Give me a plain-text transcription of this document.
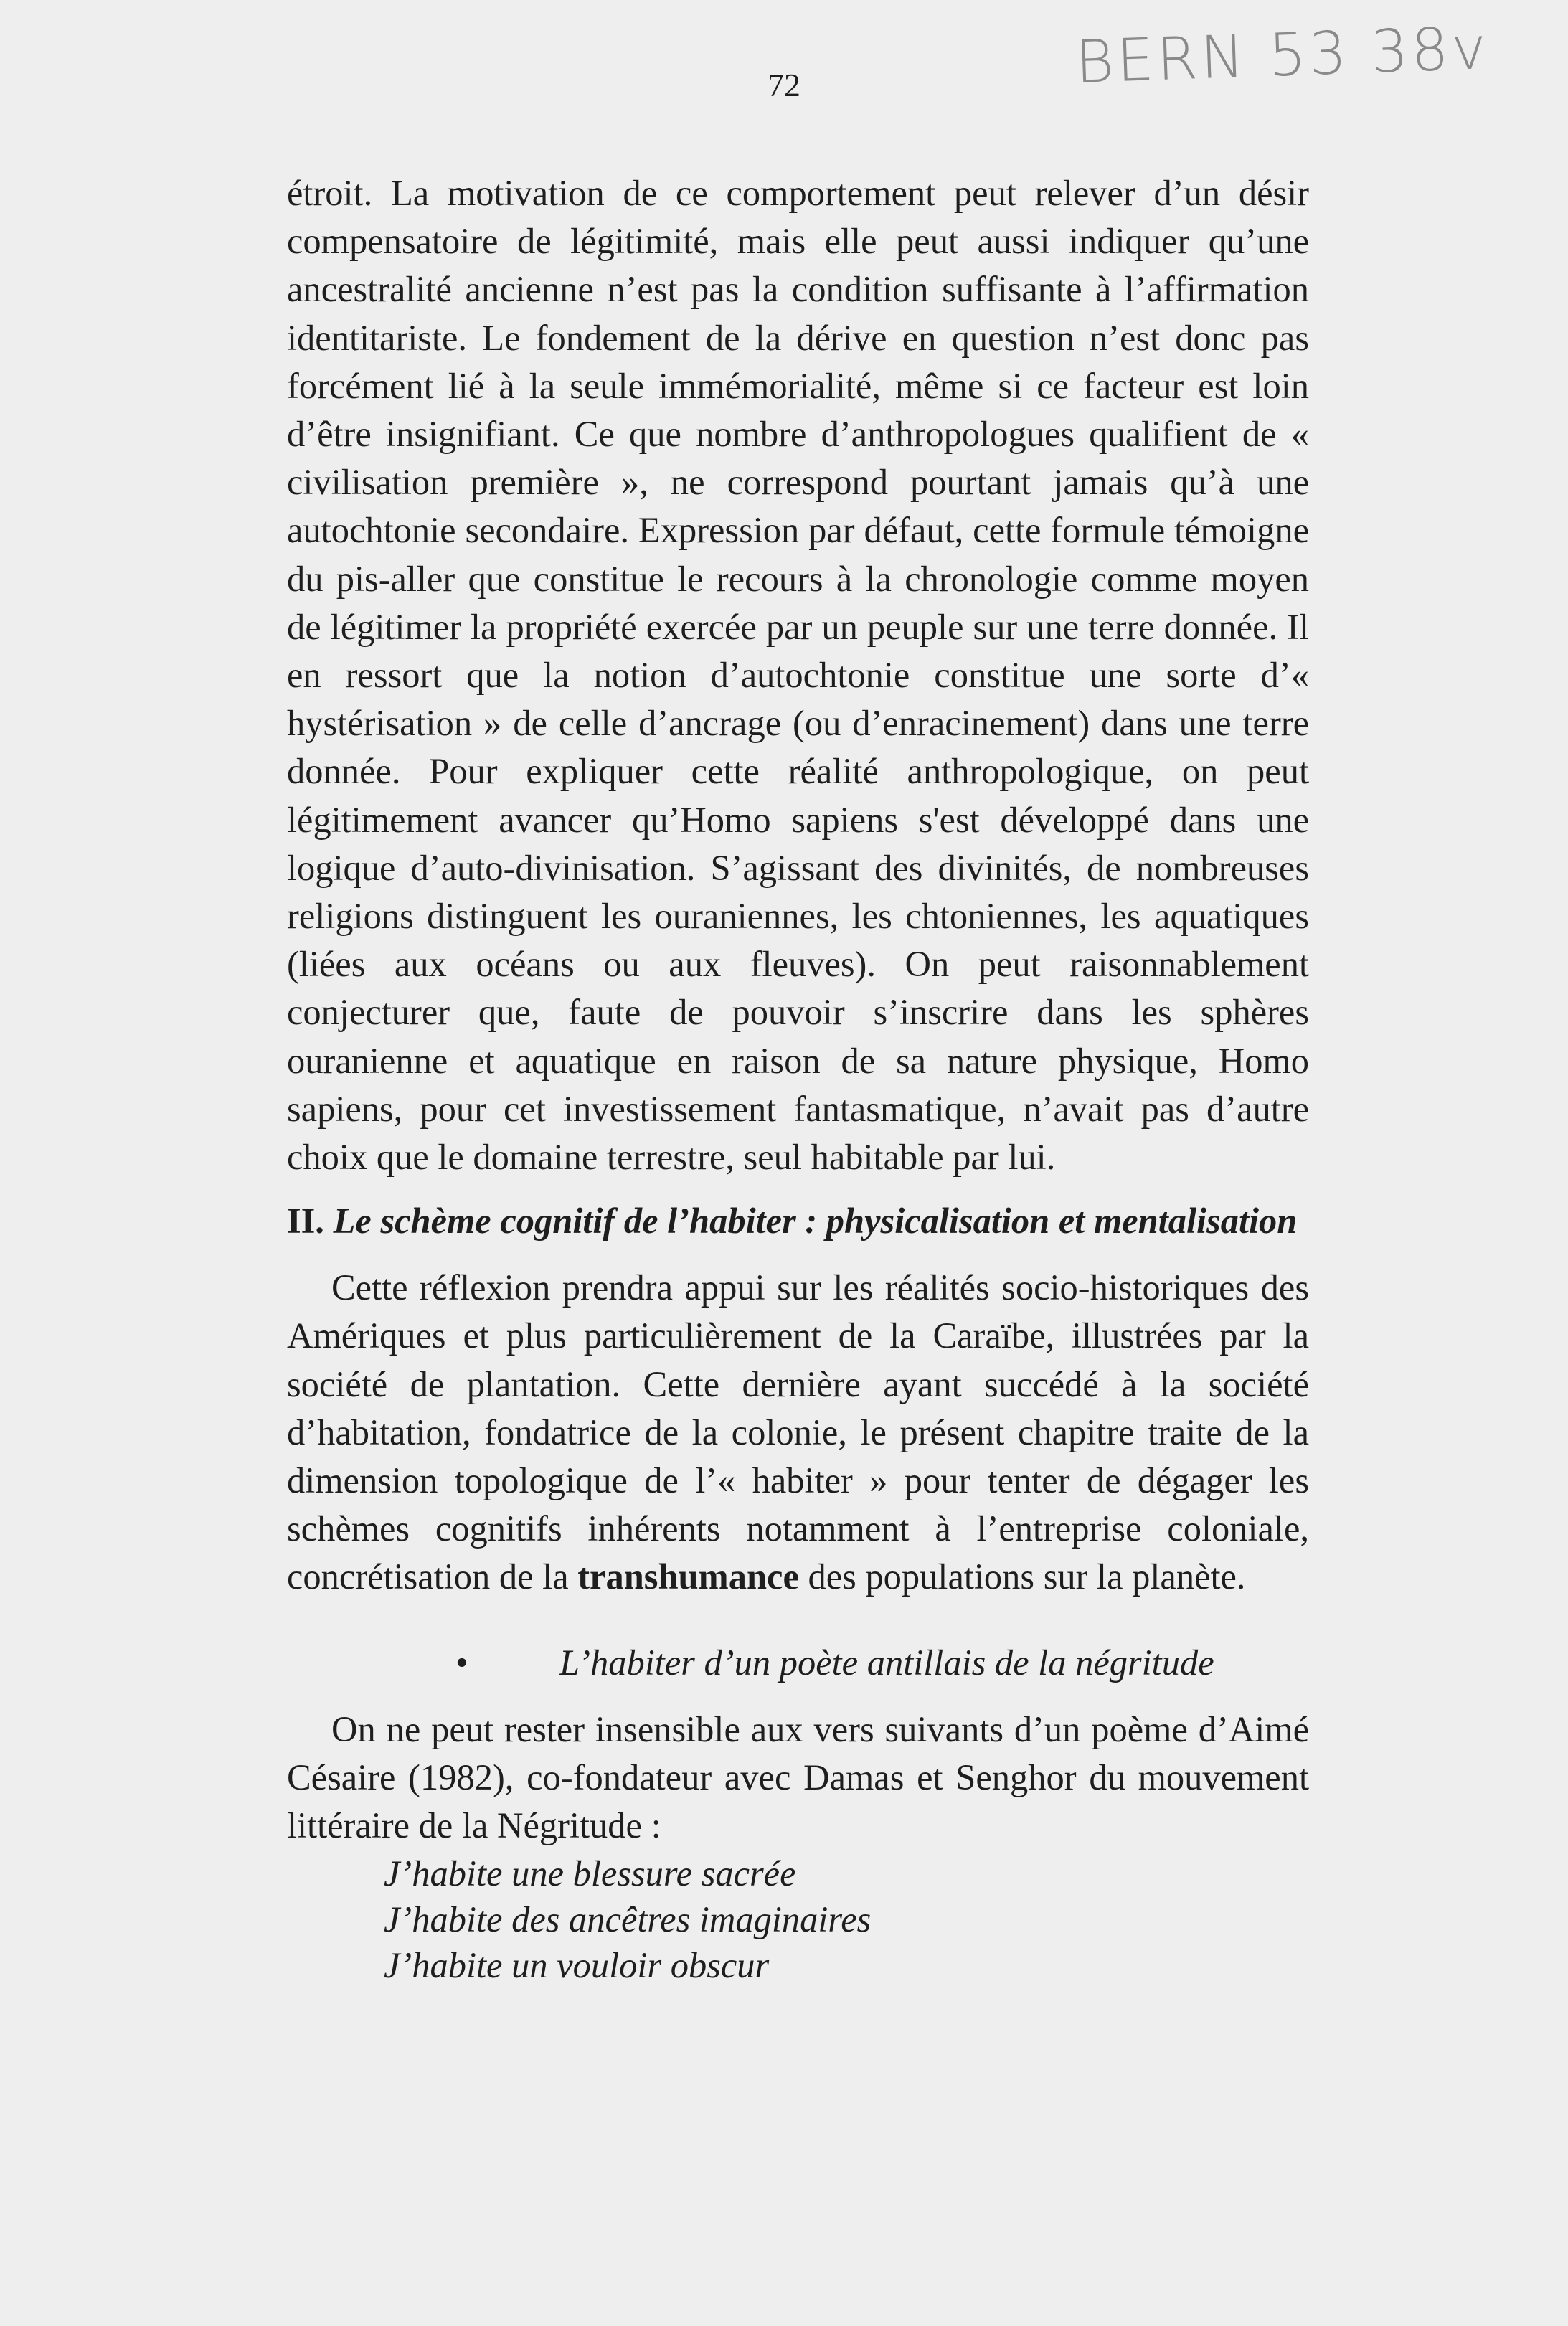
BERN 53 38v
72

étroit. La motivation de ce comportement peut relever d’un désir compensatoire de légitimité, mais elle peut aussi indiquer qu’une ancestralité ancienne n’est pas la condition suffisante à l’affirmation identitariste. Le fondement de la dérive en question n’est donc pas forcément lié à la seule immémorialité, même si ce facteur est loin d’être insignifiant. Ce que nombre d’anthropologues qualifient de « civilisation première », ne correspond pourtant jamais qu’à une autochtonie secondaire. Expression par défaut, cette formule témoigne du pis-aller que constitue le recours à la chronologie comme moyen de légitimer la propriété exercée par un peuple sur une terre donnée. Il en ressort que la notion d’autochtonie constitue une sorte d’« hystérisation » de celle d’ancrage (ou d’enracinement) dans une terre donnée. Pour expliquer cette réalité anthropologique, on peut légitimement avancer qu’Homo sapiens s'est développé dans une logique d’auto-divinisation. S’agissant des divinités, de nombreuses religions distinguent les ouraniennes, les chtoniennes, les aquatiques (liées aux océans ou aux fleuves). On peut raisonnablement conjecturer que, faute de pouvoir s’inscrire dans les sphères ouranienne et aquatique en raison de sa nature physique, Homo sapiens, pour cet investissement fantasmatique, n’avait pas d’autre choix que le domaine terrestre, seul habitable par lui.

II. Le schème cognitif de l’habiter : physicalisation et mentalisation

Cette réflexion prendra appui sur les réalités socio-historiques des Amériques et plus particulièrement de la Caraïbe, illustrées par la société de plantation. Cette dernière ayant succédé à la société d’habitation, fondatrice de la colonie, le présent chapitre traite de la dimension topologique de l’« habiter » pour tenter de dégager les schèmes cognitifs inhérents notamment à l’entreprise coloniale, concrétisation de la transhumance des populations sur la planète.

•	L’habiter d’un poète antillais de la négritude

On ne peut rester insensible aux vers suivants d’un poème d’Aimé Césaire (1982), co-fondateur avec Damas et Senghor du mouvement littéraire de la Négritude :

J’habite une blessure sacrée
J’habite des ancêtres imaginaires
J’habite un vouloir obscur
